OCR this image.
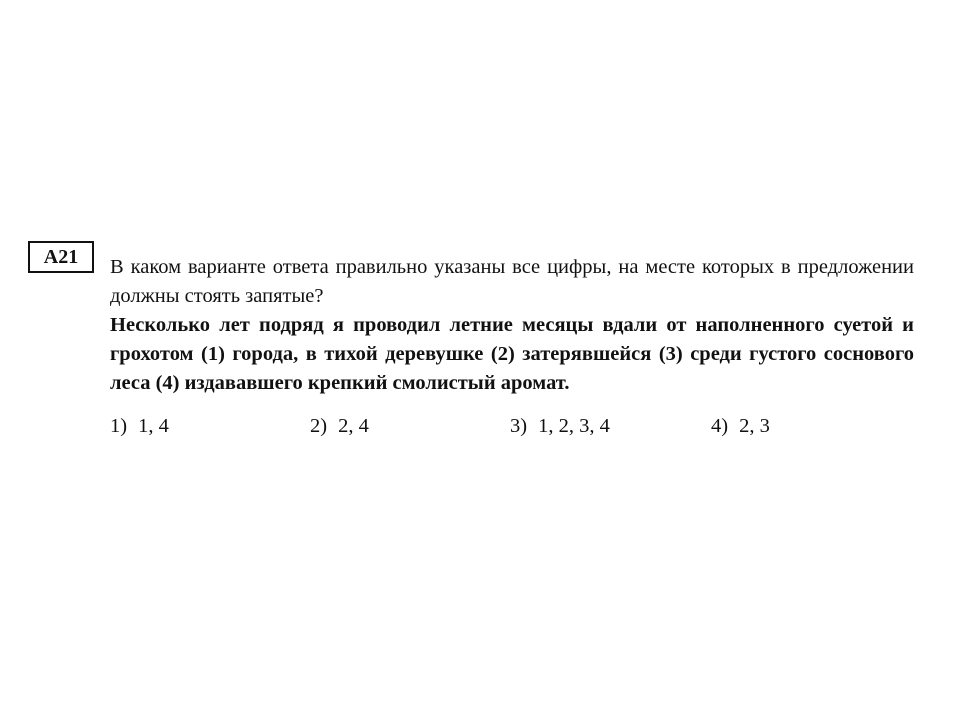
A21	В каком варианте ответа правильно указаны все цифры, на месте которых в предложении должны стоять запятые?

Несколько лет подряд я проводил летние месяцы вдали от наполненного суетой и грохотом (1) города, в тихой деревушке (2) затерявшейся (3) среди густого соснового леса (4) издававшего крепкий смолистый аромат.

1) 1, 4	2) 2, 4	3) 1, 2, 3, 4	4) 2, 3
